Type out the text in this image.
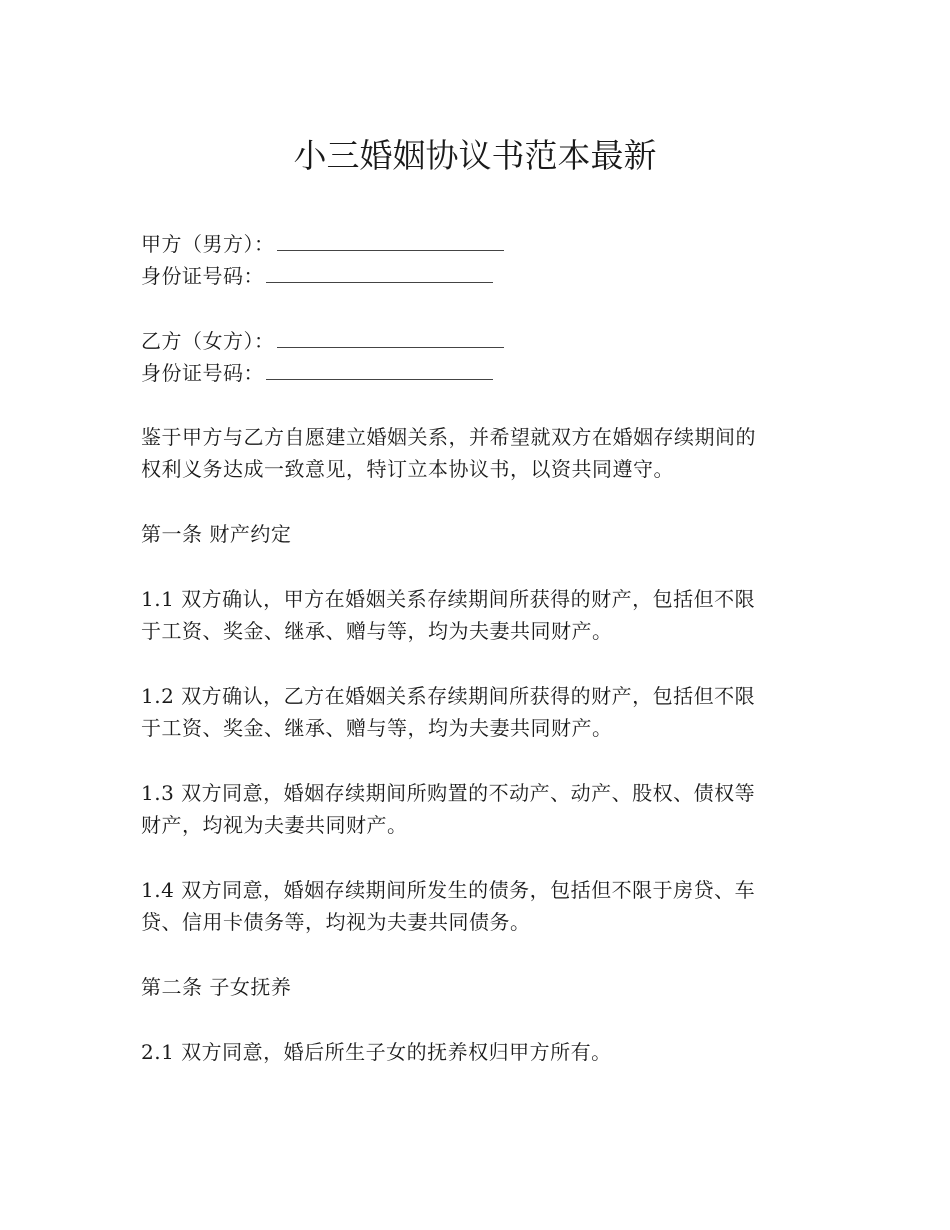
小三婚姻协议书范本最新
甲方（男方）：
身份证号码：
乙方（女方）：
身份证号码：
鉴于甲方与乙方自愿建立婚姻关系，并希望就双方在婚姻存续期间的
权利义务达成一致意见，特订立本协议书，以资共同遵守。
第一条 财产约定
1.1 双方确认，甲方在婚姻关系存续期间所获得的财产，包括但不限
于工资、奖金、继承、赠与等，均为夫妻共同财产。
1.2 双方确认，乙方在婚姻关系存续期间所获得的财产，包括但不限
于工资、奖金、继承、赠与等，均为夫妻共同财产。
1.3 双方同意，婚姻存续期间所购置的不动产、动产、股权、债权等
财产，均视为夫妻共同财产。
1.4 双方同意，婚姻存续期间所发生的债务，包括但不限于房贷、车
贷、信用卡债务等，均视为夫妻共同债务。
第二条 子女抚养
2.1 双方同意，婚后所生子女的抚养权归甲方所有。
